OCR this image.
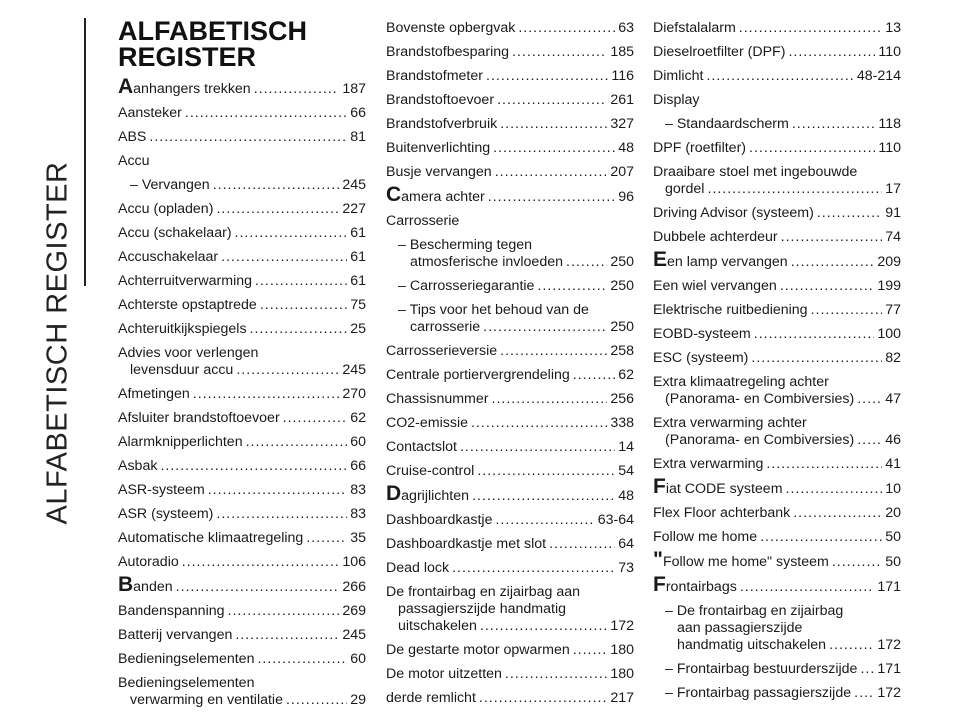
ALFABETISCH REGISTER
ALFABETISCH
REGISTER
Aanhangers trekken .....	187
Aansteker .....	66
ABS .....	81
Accu
– Vervangen .....	245
Accu (opladen) .....	227
Accu (schakelaar) .....	61
Accuschakelaar .....	61
Achterruitverwarming .....	61
Achterste opstaptrede .....	75
Achteruitkijkspiegels .....	25
Advies voor verlengen
levensduur accu .....	245
Afmetingen .....	270
Afsluiter brandstoftoevoer .....	62
Alarmknipperlichten .....	60
Asbak .....	66
ASR-systeem .....	83
ASR (systeem) .....	83
Automatische klimaatregeling .....	35
Autoradio .....	106
Banden .....	266
Bandenspanning .....	269
Batterij vervangen .....	245
Bedieningselementen .....	60
Bedieningselementen
verwarming en ventilatie .....	29
Bovenste opbergvak .....	63
Brandstofbesparing .....	185
Brandstofmeter .....	116
Brandstoftoevoer .....	261
Brandstofverbruik .....	327
Buitenverlichting .....	48
Busje vervangen .....	207
Camera achter .....	96
Carrosserie
– Bescherming tegen
atmosferische invloeden .....	250
– Carrosseriegarantie .....	250
– Tips voor het behoud van de
carrosserie .....	250
Carrosserieversie .....	258
Centrale portiervergrendeling .....	62
Chassisnummer .....	256
CO2-emissie .....	338
Contactslot .....	14
Cruise-control .....	54
Dagrijlichten .....	48
Dashboardkastje .....	63-64
Dashboardkastje met slot .....	64
Dead lock .....	73
De frontairbag en zijairbag aan
passagierszijde handmatig
uitschakelen .....	172
De gestarte motor opwarmen .....	180
De motor uitzetten .....	180
derde remlicht .....	217
Diefstalalarm .....	13
Dieselroetfilter (DPF) .....	110
Dimlicht .....	48-214
Display
– Standaardscherm .....	118
DPF (roetfilter) .....	110
Draaibare stoel met ingebouwde
gordel .....	17
Driving Advisor (systeem) .....	91
Dubbele achterdeur .....	74
Een lamp vervangen .....	209
Een wiel vervangen .....	199
Elektrische ruitbediening .....	77
EOBD-systeem .....	100
ESC (systeem) .....	82
Extra klimaatregeling achter
(Panorama- en Combiversies) ..... 47
Extra verwarming achter
(Panorama- en Combiversies) ..... 46
Extra verwarming .....	41
Fiat CODE systeem .....	10
Flex Floor achterbank .....	20
Follow me home .....	50
"Follow me home" systeem .....	50
Frontairbags .....	171
– De frontairbag en zijairbag
aan passagierszijde
handmatig uitschakelen .....	172
– Frontairbag bestuurderszijde ..... 171
– Frontairbag passagierszijde ..... 172
